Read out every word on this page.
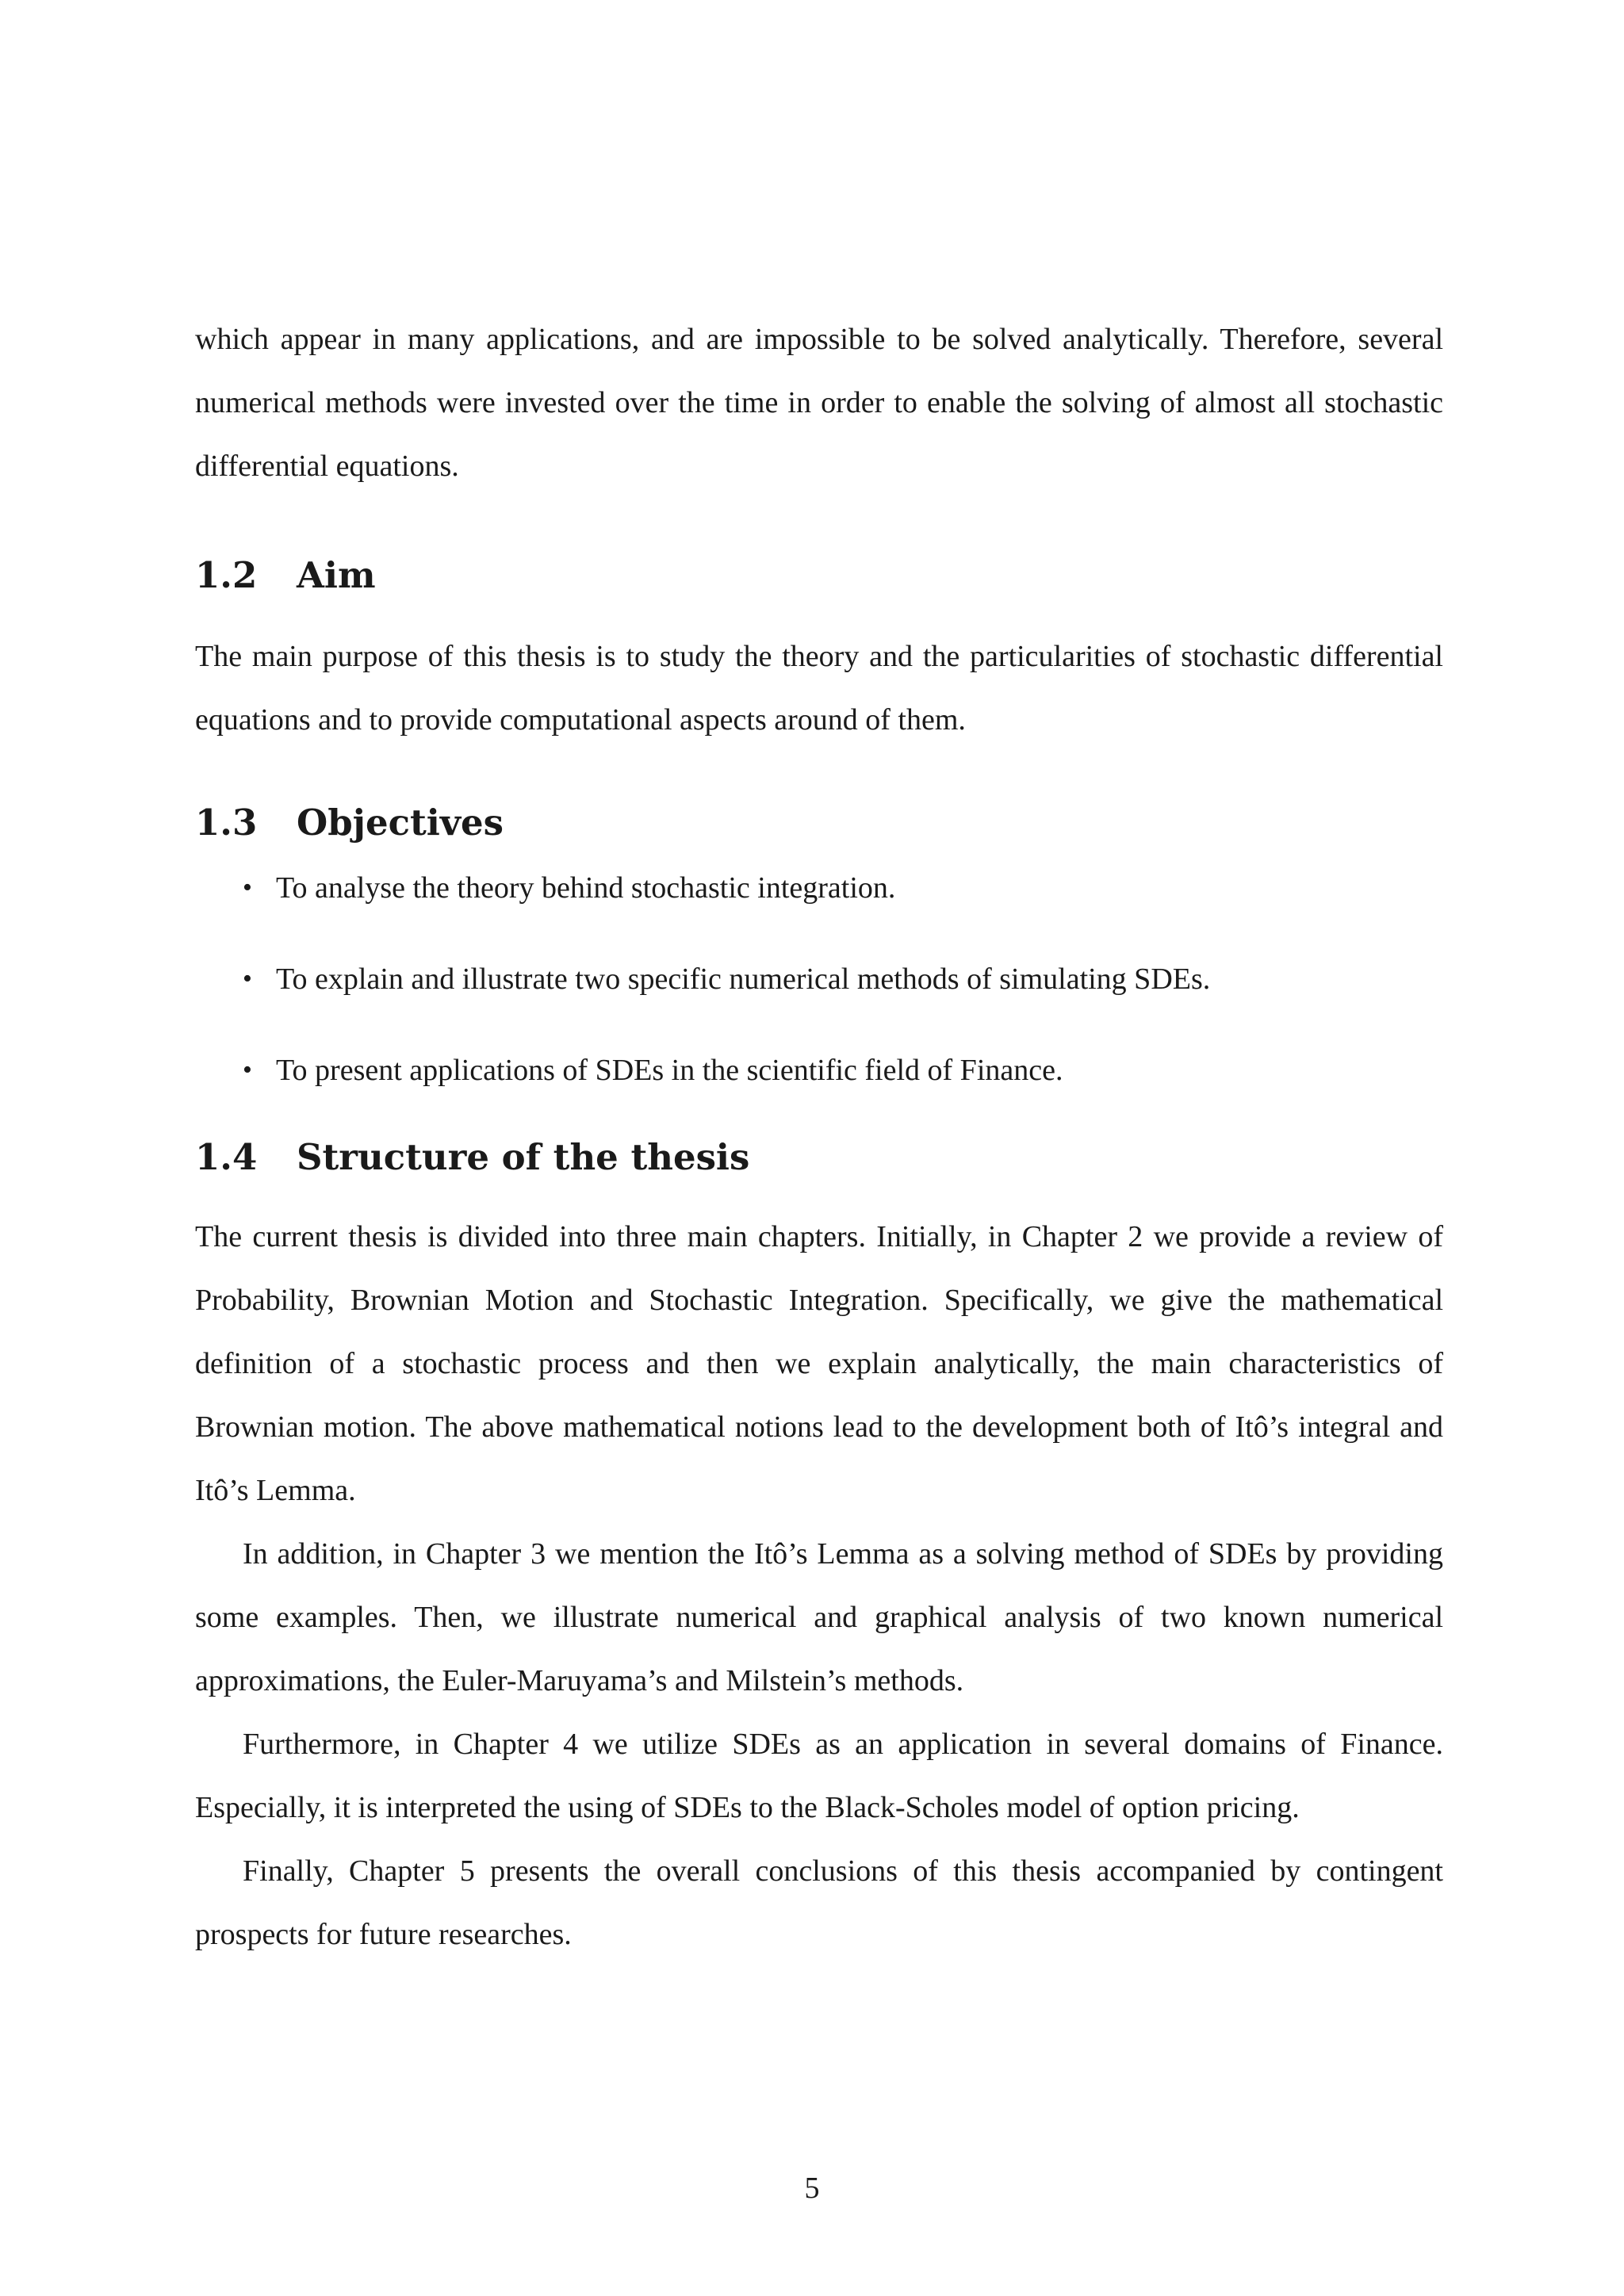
which appear in many applications, and are impossible to be solved analytically. Therefore, several numerical methods were invested over the time in order to enable the solving of almost all stochastic differential equations.

1.2	Aim

The main purpose of this thesis is to study the theory and the particularities of stochastic differential equations and to provide computational aspects around of them.

1.3	Objectives
• To analyse the theory behind stochastic integration.
• To explain and illustrate two specific numerical methods of simulating SDEs.
• To present applications of SDEs in the scientific field of Finance.
1.4	Structure of the thesis

The current thesis is divided into three main chapters. Initially, in Chapter 2 we provide a review of Probability, Brownian Motion and Stochastic Integration. Specifically, we give the mathematical definition of a stochastic process and then we explain analytically, the main characteristics of Brownian motion. The above mathematical notions lead to the development both of Itô’s integral and Itô’s Lemma.

In addition, in Chapter 3 we mention the Itô’s Lemma as a solving method of SDEs by providing some examples. Then, we illustrate numerical and graphical analysis of two known numerical approximations, the Euler-Maruyama’s and Milstein’s methods.

Furthermore, in Chapter 4 we utilize SDEs as an application in several domains of Finance. Especially, it is interpreted the using of SDEs to the Black-Scholes model of option pricing.

Finally, Chapter 5 presents the overall conclusions of this thesis accompanied by contingent prospects for future researches.

5
